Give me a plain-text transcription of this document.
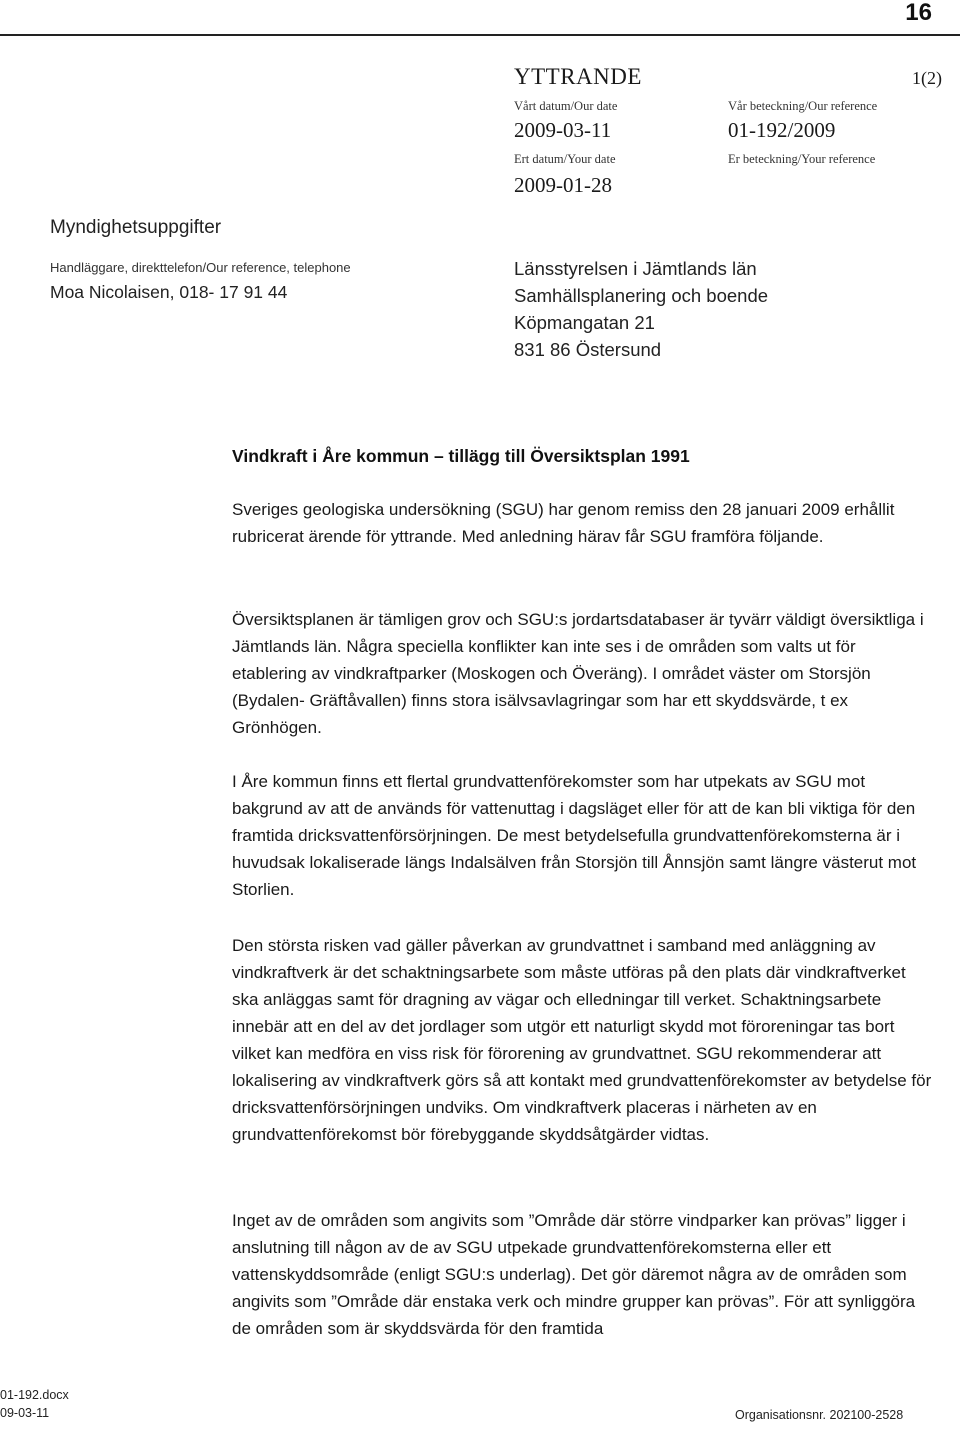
16
YTTRANDE	1(2)
Vårt datum/Our date
2009-03-11
Ert datum/Your date
2009-01-28
Vår beteckning/Our reference
01-192/2009
Er beteckning/Your reference
Myndighetsuppgifter
Handläggare, direkttelefon/Our reference, telephone
Moa Nicolaisen, 018- 17 91 44
Länsstyrelsen i Jämtlands län
Samhällsplanering och boende
Köpmangatan 21
831 86 Östersund
Vindkraft i Åre kommun – tillägg till Översiktsplan 1991
Sveriges geologiska undersökning (SGU) har genom remiss den 28 januari 2009 erhållit rubricerat ärende för yttrande. Med anledning härav får SGU framföra följande.
Översiktsplanen är tämligen grov och SGU:s jordartsdatabaser är tyvärr väldigt översiktliga i Jämtlands län. Några speciella konflikter kan inte ses i de områden som valts ut för etablering av vindkraftparker (Moskogen och Överäng). I området väster om Storsjön (Bydalen- Gräftåvallen) finns stora isälvsavlagringar som har ett skyddsvärde, t ex Grönhögen.
I Åre kommun finns ett flertal grundvattenförekomster som har utpekats av SGU mot bakgrund av att de används för vattenuttag i dagsläget eller för att de kan bli viktiga för den framtida dricksvattenförsörjningen. De mest betydelsefulla grundvattenförekomsterna är i huvudsak lokaliserade längs Indalsälven från Storsjön till Ånnsjön samt längre västerut mot Storlien.
Den största risken vad gäller påverkan av grundvattnet i samband med anläggning av vindkraftverk är det schaktningsarbete som måste utföras på den plats där vindkraftverket ska anläggas samt för dragning av vägar och elledningar till verket. Schaktningsarbete innebär att en del av det jordlager som utgör ett naturligt skydd mot föroreningar tas bort vilket kan medföra en viss risk för förorening av grundvattnet. SGU rekommenderar att lokalisering av vindkraftverk görs så att kontakt med grundvattenförekomster av betydelse för dricksvattenförsörjningen undviks. Om vindkraftverk placeras i närheten av en grundvattenförekomst bör förebyggande skyddsåtgärder vidtas.
Inget av de områden som angivits som ”Område där större vindparker kan prövas” ligger i anslutning till någon av de av SGU utpekade grundvattenförekomsterna eller ett vattenskyddsområde (enligt SGU:s underlag). Det gör däremot några av de områden som angivits som ”Område där enstaka verk och mindre grupper kan prövas”. För att synliggöra de områden som är skyddsvärda för den framtida
01-192.docx
09-03-11	Organisationsnr. 202100-2528
